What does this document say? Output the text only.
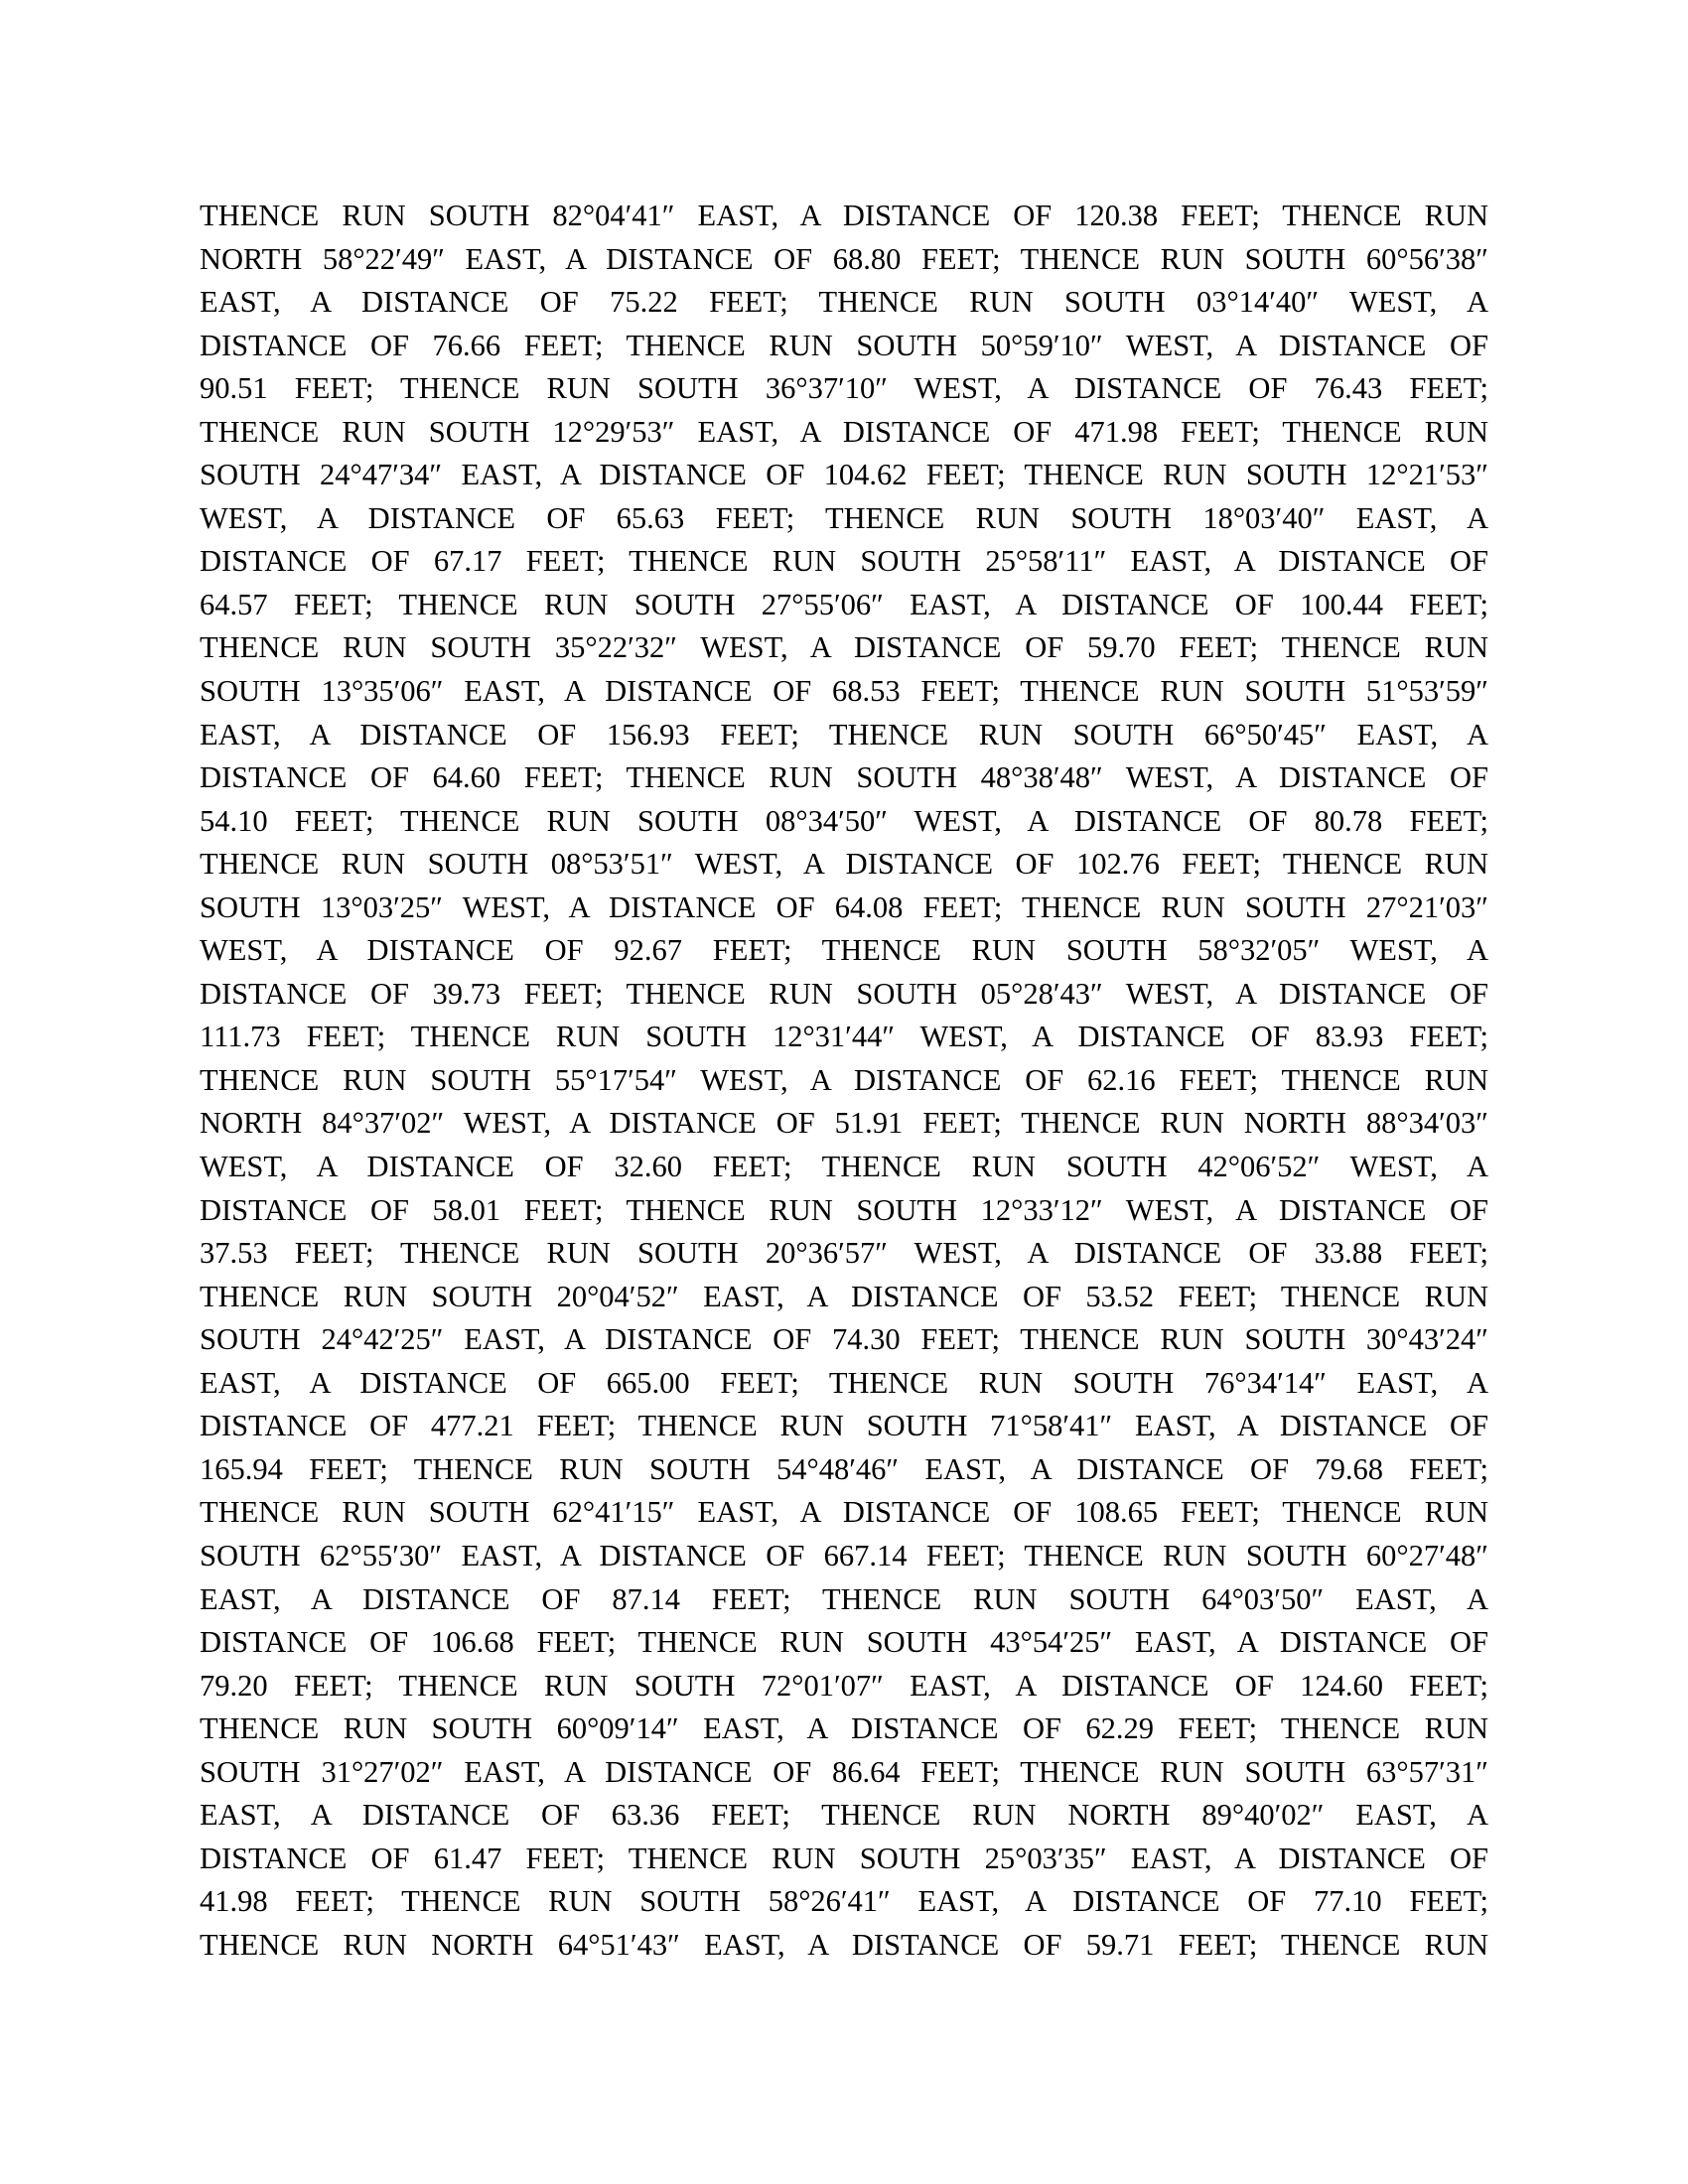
THENCE RUN SOUTH 82°04′41″ EAST, A DISTANCE OF 120.38 FEET; THENCE RUN
NORTH 58°22′49″ EAST, A DISTANCE OF 68.80 FEET; THENCE RUN SOUTH 60°56′38″
EAST, A DISTANCE OF 75.22 FEET; THENCE RUN SOUTH 03°14′40″ WEST, A
DISTANCE OF 76.66 FEET; THENCE RUN SOUTH 50°59′10″ WEST, A DISTANCE OF
90.51 FEET; THENCE RUN SOUTH 36°37′10″ WEST, A DISTANCE OF 76.43 FEET;
THENCE RUN SOUTH 12°29′53″ EAST, A DISTANCE OF 471.98 FEET; THENCE RUN
SOUTH 24°47′34″ EAST, A DISTANCE OF 104.62 FEET; THENCE RUN SOUTH 12°21′53″
WEST, A DISTANCE OF 65.63 FEET; THENCE RUN SOUTH 18°03′40″ EAST, A
DISTANCE OF 67.17 FEET; THENCE RUN SOUTH 25°58′11″ EAST, A DISTANCE OF
64.57 FEET; THENCE RUN SOUTH 27°55′06″ EAST, A DISTANCE OF 100.44 FEET;
THENCE RUN SOUTH 35°22′32″ WEST, A DISTANCE OF 59.70 FEET; THENCE RUN
SOUTH 13°35′06″ EAST, A DISTANCE OF 68.53 FEET; THENCE RUN SOUTH 51°53′59″
EAST, A DISTANCE OF 156.93 FEET; THENCE RUN SOUTH 66°50′45″ EAST, A
DISTANCE OF 64.60 FEET; THENCE RUN SOUTH 48°38′48″ WEST, A DISTANCE OF
54.10 FEET; THENCE RUN SOUTH 08°34′50″ WEST, A DISTANCE OF 80.78 FEET;
THENCE RUN SOUTH 08°53′51″ WEST, A DISTANCE OF 102.76 FEET; THENCE RUN
SOUTH 13°03′25″ WEST, A DISTANCE OF 64.08 FEET; THENCE RUN SOUTH 27°21′03″
WEST, A DISTANCE OF 92.67 FEET; THENCE RUN SOUTH 58°32′05″ WEST, A
DISTANCE OF 39.73 FEET; THENCE RUN SOUTH 05°28′43″ WEST, A DISTANCE OF
111.73 FEET; THENCE RUN SOUTH 12°31′44″ WEST, A DISTANCE OF 83.93 FEET;
THENCE RUN SOUTH 55°17′54″ WEST, A DISTANCE OF 62.16 FEET; THENCE RUN
NORTH 84°37′02″ WEST, A DISTANCE OF 51.91 FEET; THENCE RUN NORTH 88°34′03″
WEST, A DISTANCE OF 32.60 FEET; THENCE RUN SOUTH 42°06′52″ WEST, A
DISTANCE OF 58.01 FEET; THENCE RUN SOUTH 12°33′12″ WEST, A DISTANCE OF
37.53 FEET; THENCE RUN SOUTH 20°36′57″ WEST, A DISTANCE OF 33.88 FEET;
THENCE RUN SOUTH 20°04′52″ EAST, A DISTANCE OF 53.52 FEET; THENCE RUN
SOUTH 24°42′25″ EAST, A DISTANCE OF 74.30 FEET; THENCE RUN SOUTH 30°43′24″
EAST, A DISTANCE OF 665.00 FEET; THENCE RUN SOUTH 76°34′14″ EAST, A
DISTANCE OF 477.21 FEET; THENCE RUN SOUTH 71°58′41″ EAST, A DISTANCE OF
165.94 FEET; THENCE RUN SOUTH 54°48′46″ EAST, A DISTANCE OF 79.68 FEET;
THENCE RUN SOUTH 62°41′15″ EAST, A DISTANCE OF 108.65 FEET; THENCE RUN
SOUTH 62°55′30″ EAST, A DISTANCE OF 667.14 FEET; THENCE RUN SOUTH 60°27′48″
EAST, A DISTANCE OF 87.14 FEET; THENCE RUN SOUTH 64°03′50″ EAST, A
DISTANCE OF 106.68 FEET; THENCE RUN SOUTH 43°54′25″ EAST, A DISTANCE OF
79.20 FEET; THENCE RUN SOUTH 72°01′07″ EAST, A DISTANCE OF 124.60 FEET;
THENCE RUN SOUTH 60°09′14″ EAST, A DISTANCE OF 62.29 FEET; THENCE RUN
SOUTH 31°27′02″ EAST, A DISTANCE OF 86.64 FEET; THENCE RUN SOUTH 63°57′31″
EAST, A DISTANCE OF 63.36 FEET; THENCE RUN NORTH 89°40′02″ EAST, A
DISTANCE OF 61.47 FEET; THENCE RUN SOUTH 25°03′35″ EAST, A DISTANCE OF
41.98 FEET; THENCE RUN SOUTH 58°26′41″ EAST, A DISTANCE OF 77.10 FEET;
THENCE RUN NORTH 64°51′43″ EAST, A DISTANCE OF 59.71 FEET; THENCE RUN
